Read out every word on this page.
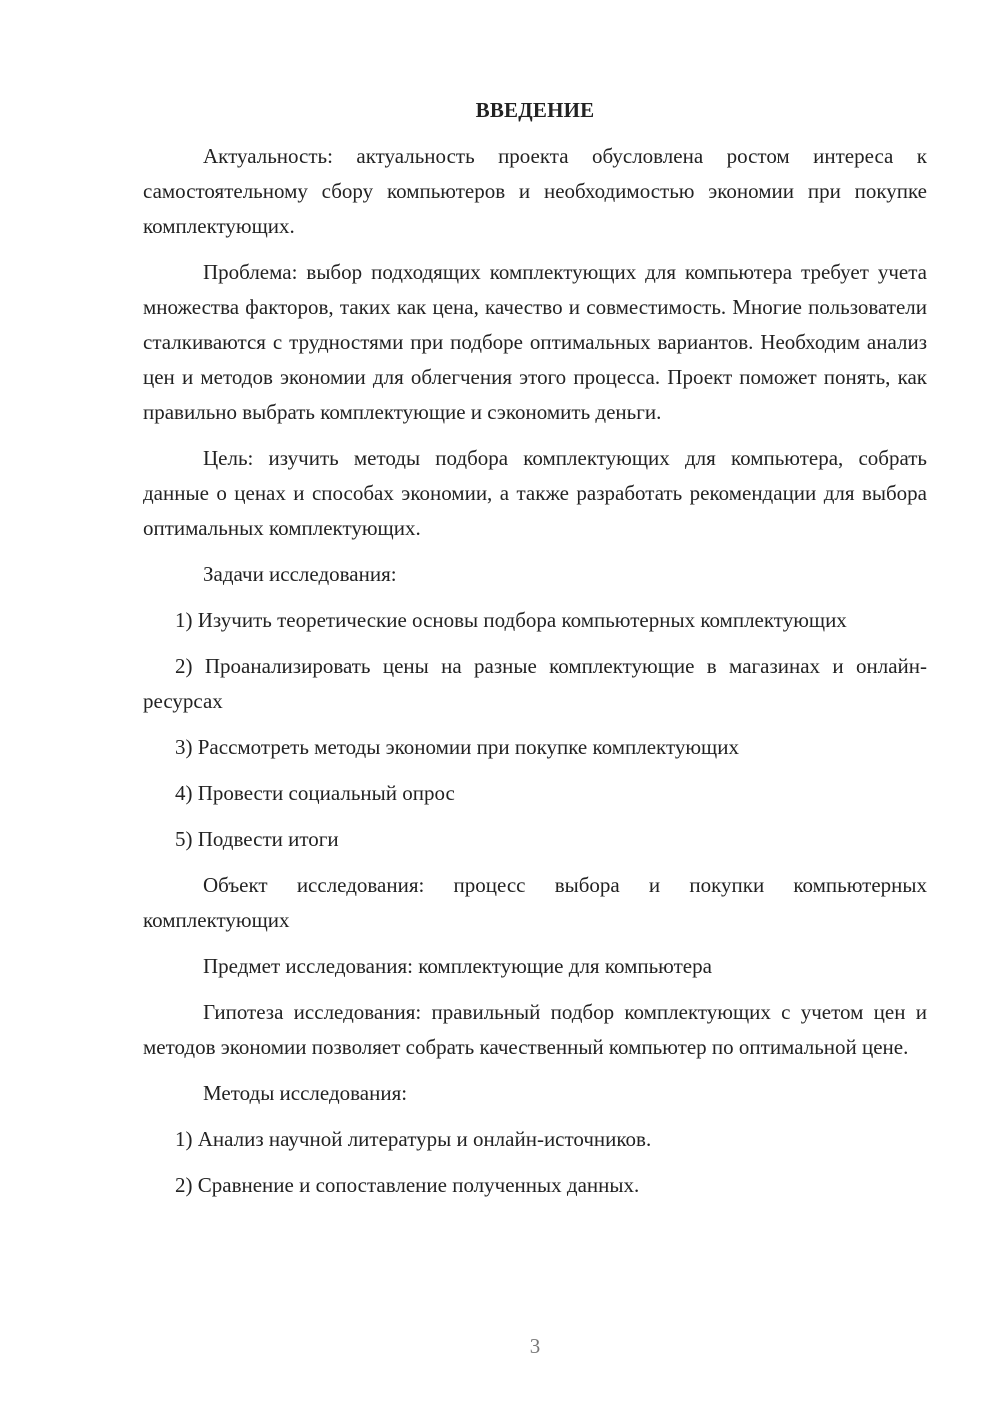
ВВЕДЕНИЕ

Актуальность: актуальность проекта обусловлена ростом интереса к самостоятельному сбору компьютеров и необходимостью экономии при покупке комплектующих.

Проблема: выбор подходящих комплектующих для компьютера требует учета множества факторов, таких как цена, качество и совместимость. Многие пользователи сталкиваются с трудностями при подборе оптимальных вариантов. Необходим анализ цен и методов экономии для облегчения этого процесса. Проект поможет понять, как правильно выбрать комплектующие и сэкономить деньги.

Цель: изучить методы подбора комплектующих для компьютера, собрать данные о ценах и способах экономии, а также разработать рекомендации для выбора оптимальных комплектующих.

Задачи исследования:

1) Изучить теоретические основы подбора компьютерных комплектующих

2) Проанализировать цены на разные комплектующие в магазинах и онлайн-ресурсах

3) Рассмотреть методы экономии при покупке комплектующих

4) Провести социальный опрос

5) Подвести итоги

Объект исследования: процесс выбора и покупки компьютерных комплектующих

Предмет исследования: комплектующие для компьютера

Гипотеза исследования: правильный подбор комплектующих с учетом цен и методов экономии позволяет собрать качественный компьютер по оптимальной цене.

Методы исследования:

1) Анализ научной литературы и онлайн-источников.

2) Сравнение и сопоставление полученных данных.

3
